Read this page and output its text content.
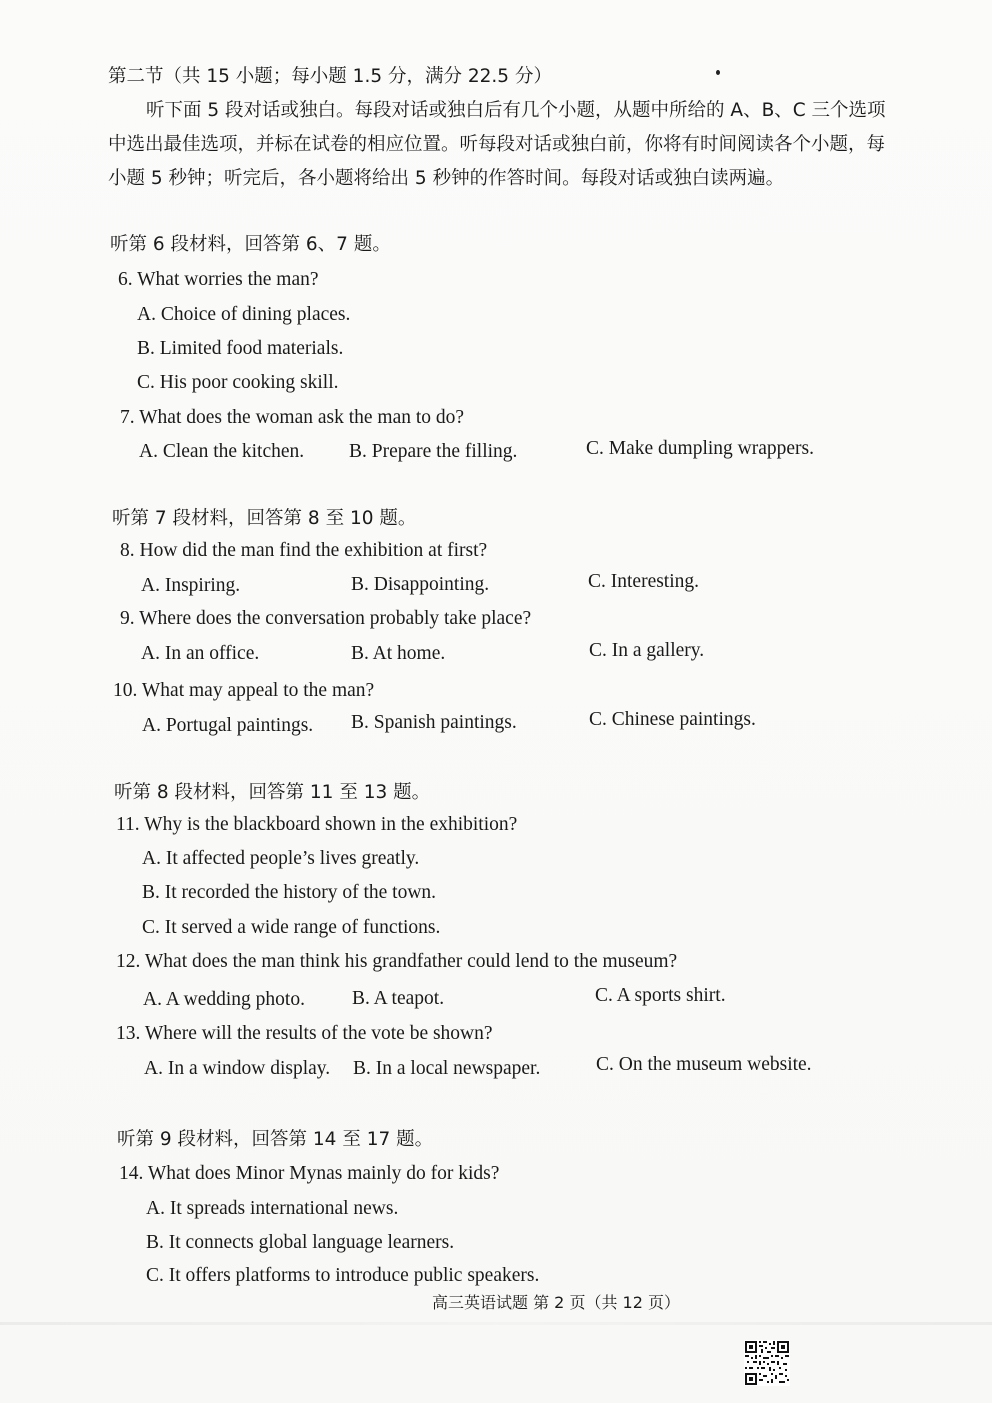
第二节（共 15 小题；每小题 1.5 分，满分 22.5 分）
听下面 5 段对话或独白。每段对话或独白后有几个小题，从题中所给的 A、B、C 三个选项
中选出最佳选项，并标在试卷的相应位置。听每段对话或独白前，你将有时间阅读各个小题，每
小题 5 秒钟；听完后，各小题将给出 5 秒钟的作答时间。每段对话或独白读两遍。
听第 6 段材料，回答第 6、7 题。
6. What worries the man?
A. Choice of dining places.
B. Limited food materials.
C. His poor cooking skill.
7. What does the woman ask the man to do?
A. Clean the kitchen. B. Prepare the filling.	C. Make dumpling wrappers.
听第 7 段材料，回答第 8 至 10 题。
8. How did the man find the exhibition at first?
A. Inspiring.	B. Disappointing.	C. Interesting.
9. Where does the conversation probably take place?
A. In an office.	B. At home.	C. In a gallery.
10. What may appeal to the man?
A. Portugal paintings. B. Spanish paintings.	C. Chinese paintings.
听第 8 段材料，回答第 11 至 13 题。
11. Why is the blackboard shown in the exhibition?
A. It affected people’s lives greatly.
B. It recorded the history of the town.
C. It served a wide range of functions.
12. What does the man think his grandfather could lend to the museum?
A. A wedding photo. B. A teapot.	C. A sports shirt.
13. Where will the results of the vote be shown?
A. In a window display. B. In a local newspaper.	C. On the museum website.
听第 9 段材料，回答第 14 至 17 题。
14. What does Minor Mynas mainly do for kids?
A. It spreads international news.
B. It connects global language learners.
C. It offers platforms to introduce public speakers.
高三英语试题 第 2 页（共 12 页）
